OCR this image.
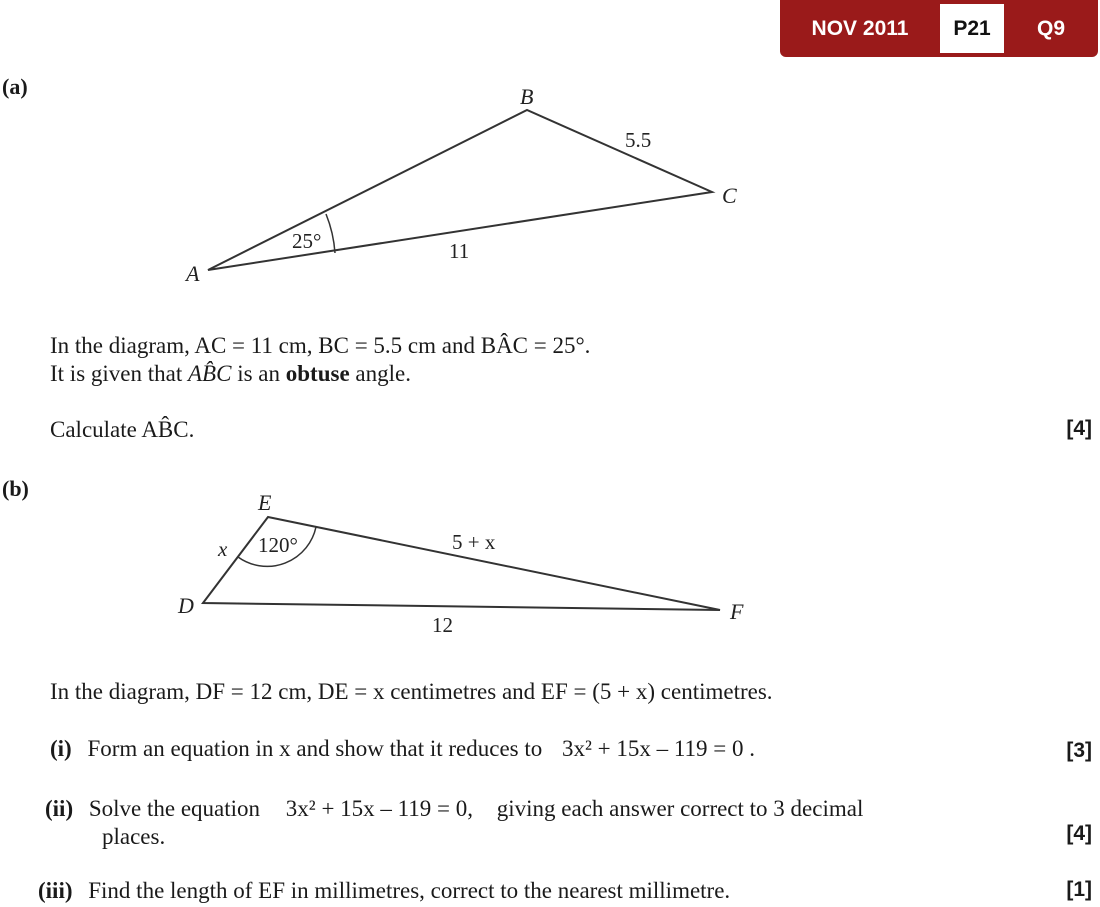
NOV 2011	P21	Q9
(a)	B
C
A
5.5
11
25°
E
D	F
x	5 + x
12
120°
In the diagram, AC = 11 cm, BC = 5.5 cm and BÂC = 25°.
It is given that AB̂C is an obtuse angle.
Calculate AB̂C.	[4]
(b)
In the diagram, DF = 12 cm, DE = x centimetres and EF = (5 + x) centimetres.
(i) Form an equation in x and show that it reduces to 3x² + 15x – 119 = 0 .	[3]
(ii) Solve the equation 3x² + 15x – 119 = 0, giving each answer correct to 3 decimal
places.	[4]
(iii) Find the length of EF in millimetres, correct to the nearest millimetre.	[1]
